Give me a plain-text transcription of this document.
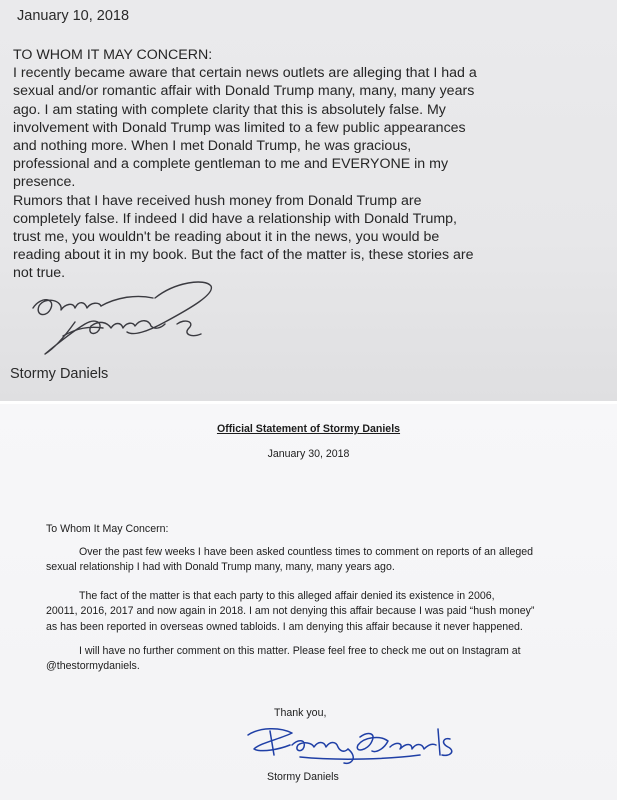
January 10, 2018

TO WHOM IT MAY CONCERN:

I recently became aware that certain news outlets are alleging that I had a

sexual and/or romantic affair with Donald Trump many, many, many years

ago. I am stating with complete clarity that this is absolutely false. My

involvement with Donald Trump was limited to a few public appearances

and nothing more. When I met Donald Trump, he was gracious,

professional and a complete gentleman to me and EVERYONE in my

presence.

Rumors that I have received hush money from Donald Trump are

completely false. If indeed I did have a relationship with Donald Trump,

trust me, you wouldn't be reading about it in the news, you would be

reading about it in my book. But the fact of the matter is, these stories are

not true.

Stormy Daniels
Official Statement of Stormy Daniels
January 30, 2018

To Whom It May Concern:

Over the past few weeks I have been asked countless times to comment on reports of an alleged
sexual relationship I had with Donald Trump many, many, many years ago.
The fact of the matter is that each party to this alleged affair denied its existence in 2006,
20011, 2016, 2017 and now again in 2018. I am not denying this affair because I was paid “hush money”
as has been reported in overseas owned tabloids. I am denying this affair because it never happened.
I will have no further comment on this matter. Please feel free to check me out on Instagram at
@thestormydaniels.
Thank you,
Stormy Daniels
